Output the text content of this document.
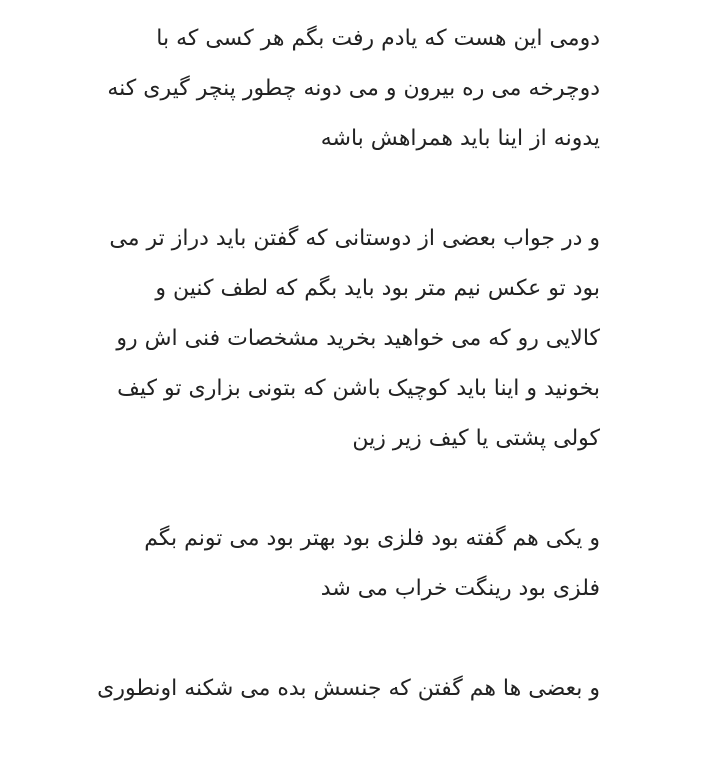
دومی این هست که یادم رفت بگم هر کسی که با
دوچرخه می ره بیرون و می دونه چطور پنچر گیری کنه
یدونه از اینا باید همراهش باشه
و در جواب بعضی از دوستانی که گفتن باید دراز تر می
بود تو عکس نیم متر بود باید بگم که لطف کنین و
کالایی رو که می خواهید بخرید مشخصات فنی اش رو
بخونید و اینا باید کوچیک باشن که بتونی بزاری تو کیف
کولی پشتی یا کیف زیر زین
و یکی هم گفته بود فلزی بود بهتر بود می تونم بگم
فلزی بود رینگت خراب می شد
و بعضی ها هم گفتن که جنسش بده می شکنه اونطوری
